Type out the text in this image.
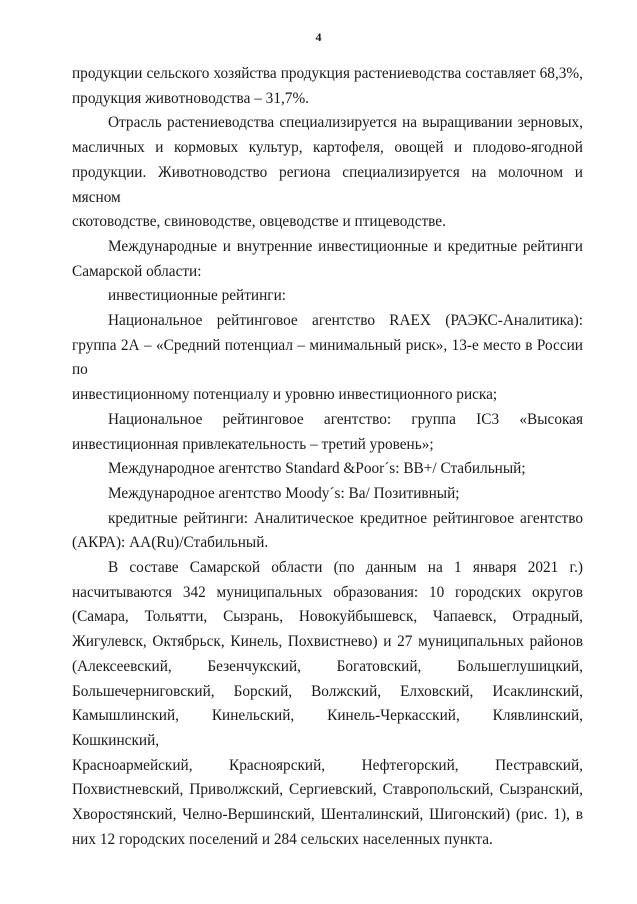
4

продукции сельского хозяйства продукция растениеводства составляет 68,3%,

продукция животноводства – 31,7%.

Отрасль растениеводства специализируется на выращивании зерновых,

масличных и кормовых культур, картофеля, овощей и плодово-ягодной

продукции. Животноводство региона специализируется на молочном и мясном

скотоводстве, свиноводстве, овцеводстве и птицеводстве.

Международные и внутренние инвестиционные и кредитные рейтинги

Самарской области:

инвестиционные рейтинги:

Национальное рейтинговое агентство RAEX (РАЭКС-Аналитика):

группа 2А – «Средний потенциал – минимальный риск», 13-е место в России по

инвестиционному потенциалу и уровню инвестиционного риска;

Национальное рейтинговое агентство: группа IC3 «Высокая

инвестиционная привлекательность – третий уровень»;

Международное агентство Standard &Poor´s: ВВ+/ Стабильный;

Международное агентство Moody´s: Ва/ Позитивный;

кредитные рейтинги: Аналитическое кредитное рейтинговое агентство

(АКРА): АА(Ru)/Стабильный.

В составе Самарской области (по данным на 1 января 2021 г.)

насчитываются 342 муниципальных образования: 10 городских округов

(Самара, Тольятти, Сызрань, Новокуйбышевск, Чапаевск, Отрадный,

Жигулевск, Октябрьск, Кинель, Похвистнево) и 27 муниципальных районов

(Алексеевский, Безенчукский, Богатовский, Большеглушицкий,

Большечерниговский, Борский, Волжский, Елховский, Исаклинский,

Камышлинский, Кинельский, Кинель-Черкасский, Клявлинский, Кошкинский,

Красноармейский, Красноярский, Нефтегорский, Пестравский,

Похвистневский, Приволжский, Сергиевский, Ставропольский, Сызранский,

Хворостянский, Челно-Вершинский, Шенталинский, Шигонский) (рис. 1), в

них 12 городских поселений и 284 сельских населенных пункта.
